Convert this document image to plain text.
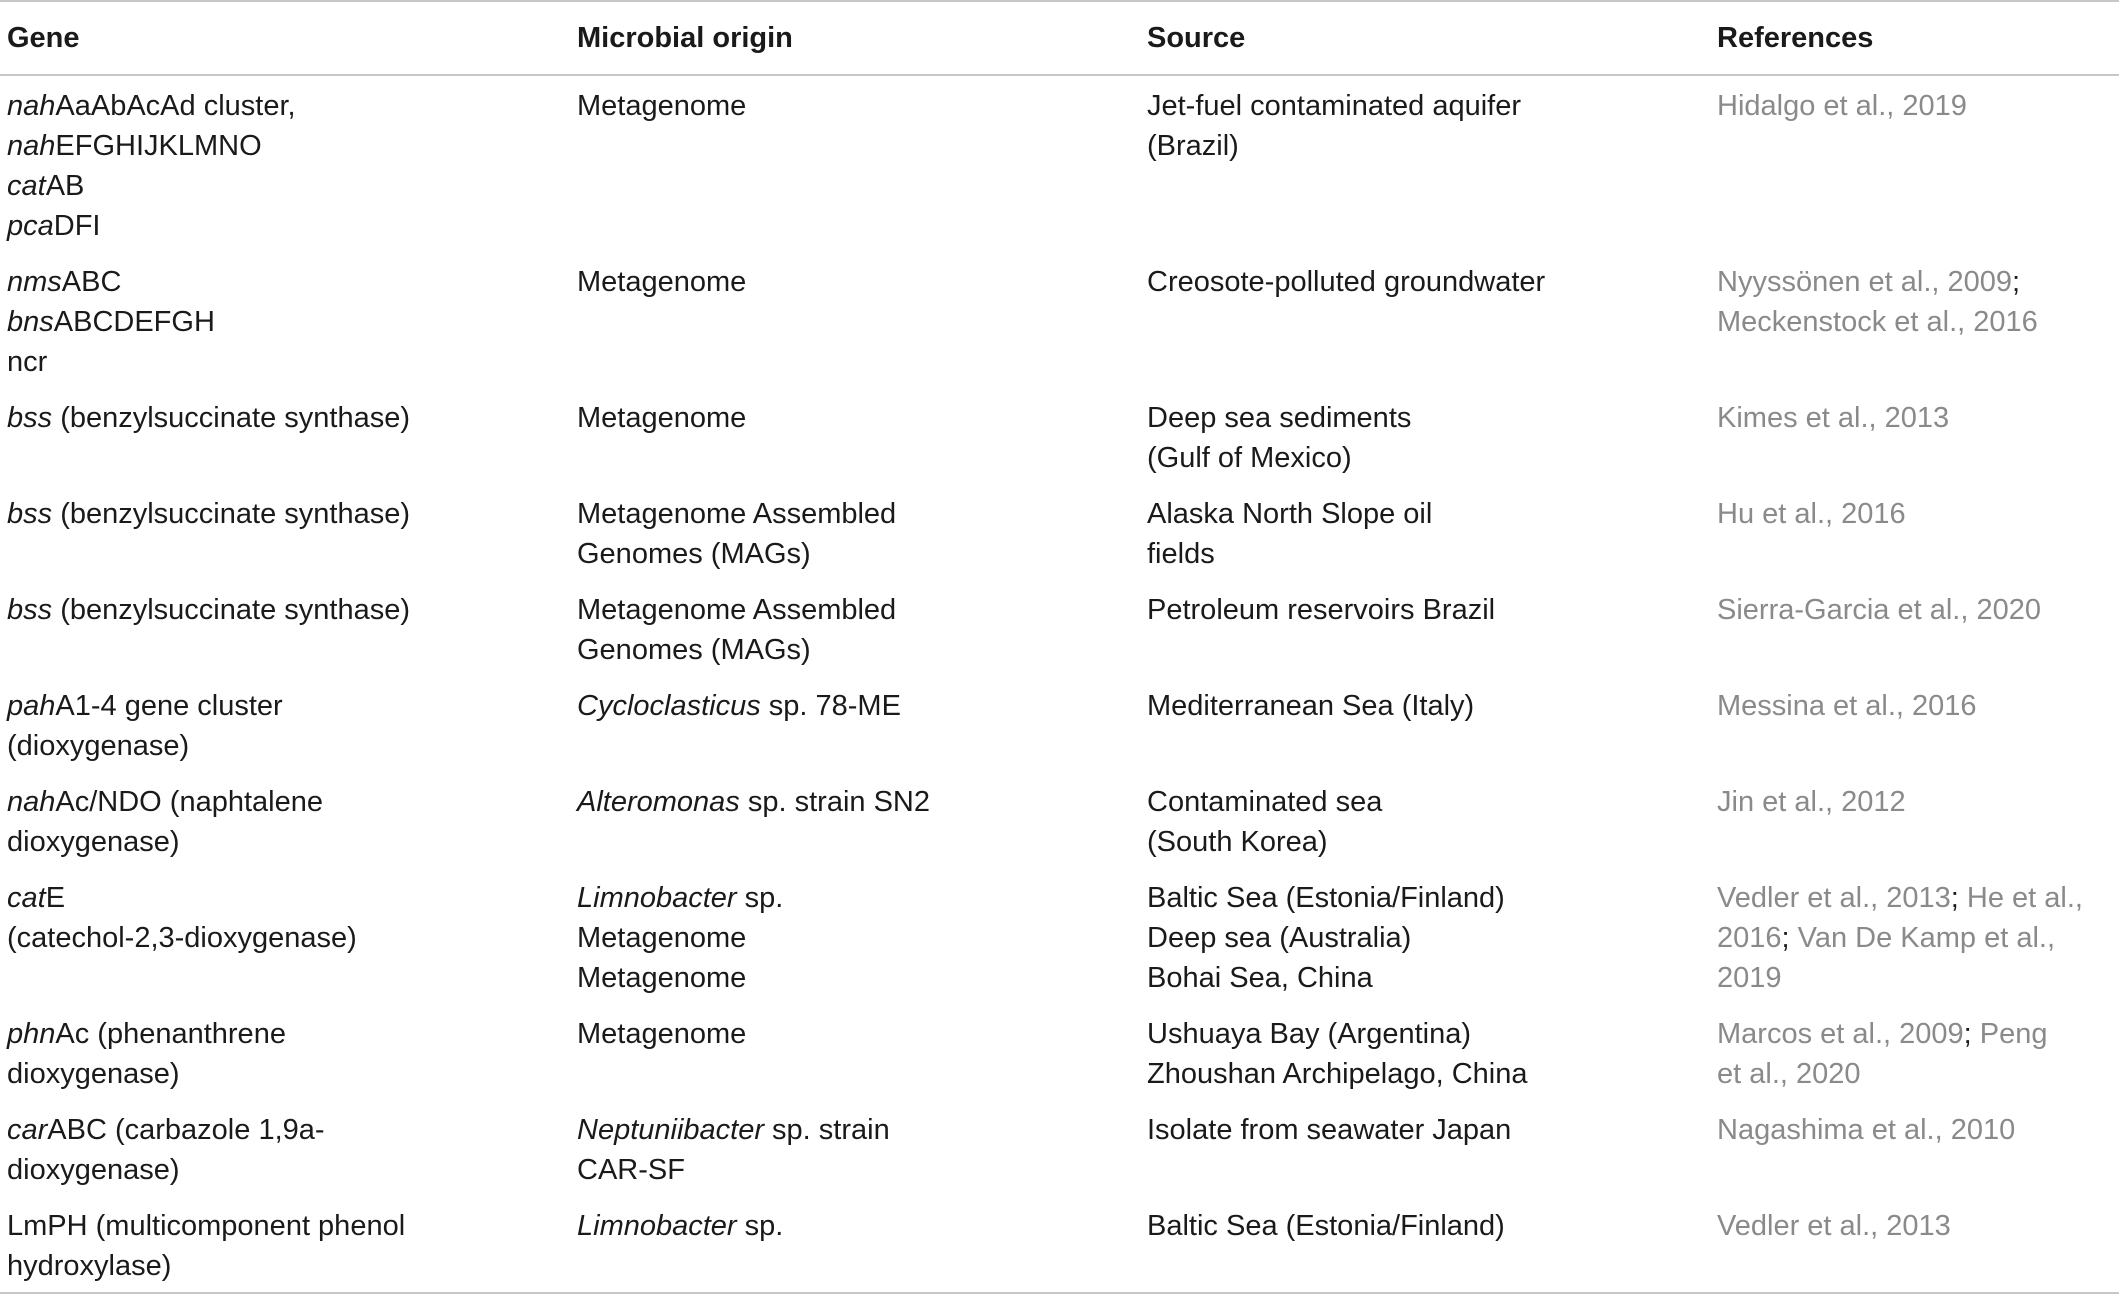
Gene	Microbial origin	Source	References

nahAaAbAcAd cluster,
nahEFGHIJKLMNO
catAB
pcaDFI	Metagenome	Jet-fuel contaminated aquifer
(Brazil)	Hidalgo et al., 2019

nmsABC
bnsABCDEFGH
ncr	Metagenome	Creosote-polluted groundwater	Nyyssönen et al., 2009;
Meckenstock et al., 2016

bss (benzylsuccinate synthase)	Metagenome	Deep sea sediments
(Gulf of Mexico)	Kimes et al., 2013

bss (benzylsuccinate synthase)	Metagenome Assembled
Genomes (MAGs)	Alaska North Slope oil
fields	Hu et al., 2016

bss (benzylsuccinate synthase)	Metagenome Assembled
Genomes (MAGs)	Petroleum reservoirs Brazil	Sierra-Garcia et al., 2020

pahA1-4 gene cluster
(dioxygenase)	Cycloclasticus sp. 78-ME	Mediterranean Sea (Italy)	Messina et al., 2016

nahAc/NDO (naphtalene
dioxygenase)	Alteromonas sp. strain SN2	Contaminated sea
(South Korea)	Jin et al., 2012

catE
(catechol-2,3-dioxygenase)	Limnobacter sp.
Metagenome
Metagenome	Baltic Sea (Estonia/Finland)
Deep sea (Australia)
Bohai Sea, China	Vedler et al., 2013; He et al.,
2016; Van De Kamp et al.,
2019

phnAc (phenanthrene
dioxygenase)	Metagenome	Ushuaya Bay (Argentina)
Zhoushan Archipelago, China	Marcos et al., 2009; Peng
et al., 2020

carABC (carbazole 1,9a-
dioxygenase)	Neptuniibacter sp. strain
CAR-SF	Isolate from seawater Japan	Nagashima et al., 2010

LmPH (multicomponent phenol
hydroxylase)	Limnobacter sp.	Baltic Sea (Estonia/Finland)	Vedler et al., 2013
